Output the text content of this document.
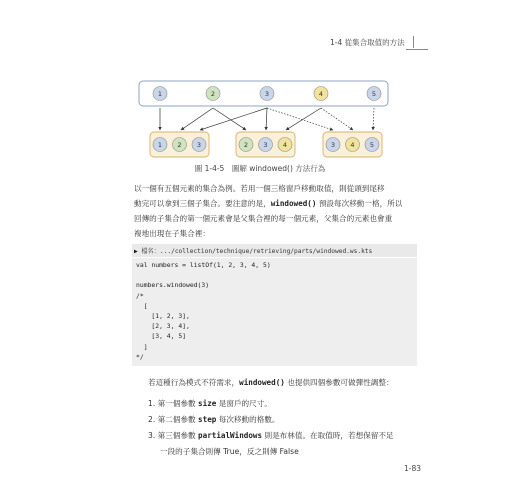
1-4 從集合取值的方法
1	2	3	4	5
1 2 3	2 3 4	3 4 5
圖 1-4-5　圖解 windowed() 方法行為
以一個有五個元素的集合為例。若用一個三格窗戶移動取值，則從頭到尾移
動完可以拿到三個子集合。要注意的是，windowed() 預設每次移動一格，所以
回傳的子集合的第一個元素會是父集合裡的每一個元素，父集合的元素也會重
複地出現在子集合裡：
▶ 檔名：.../collection/technique/retrieving/parts/windowed.ws.kts
val numbers = listOf(1, 2, 3, 4, 5)
numbers.windowed(3)
/*
[
[1, 2, 3],
[2, 3, 4],
[3, 4, 5]
]
*/
若這種行為模式不符需求，windowed() 也提供四個參數可做彈性調整：
1. 第一個參數 size 是窗戶的尺寸。
2. 第二個參數 step 每次移動的格數。
3. 第三個參數 partialWindows 則是布林值。在取值時，若想保留不足
一段的子集合則傳 True，反之則傳 False
1-83
